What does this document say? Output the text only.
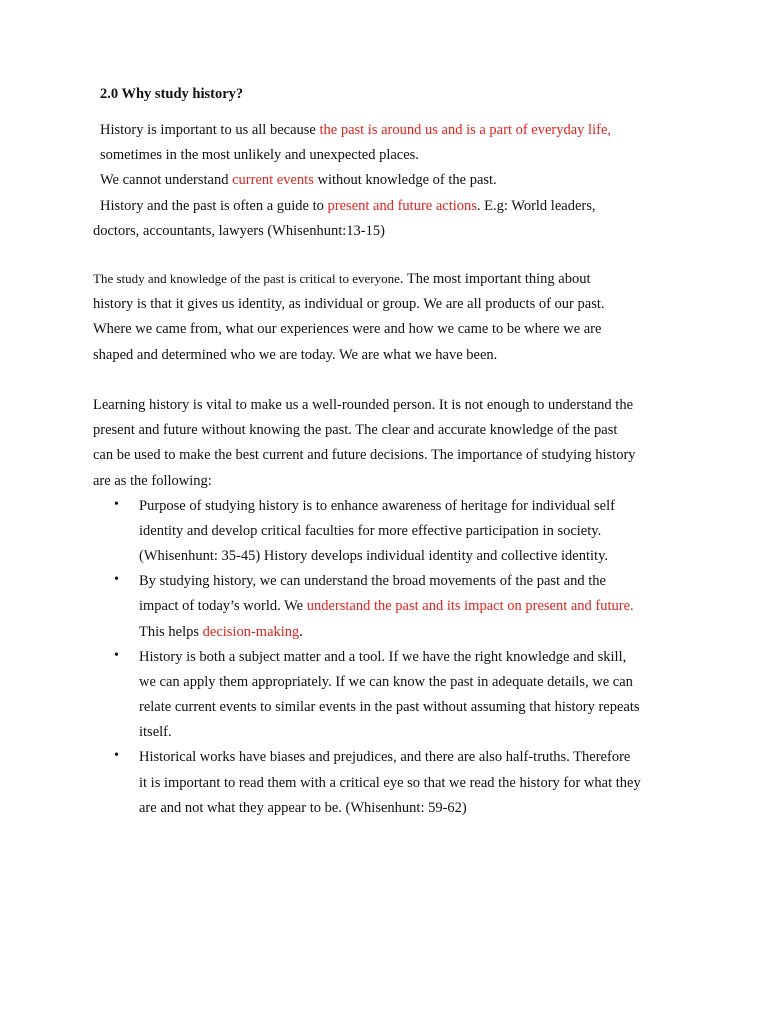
2.0 Why study history?
History is important to us all because the past is around us and is a part of everyday life,
sometimes in the most unlikely and unexpected places.
We cannot understand current events without knowledge of the past.
History and the past is often a guide to present and future actions. E.g: World leaders,
doctors, accountants, lawyers (Whisenhunt:13-15)
The study and knowledge of the past is critical to everyone. The most important thing about
history is that it gives us identity, as individual or group. We are all products of our past.
Where we came from, what our experiences were and how we came to be where we are
shaped and determined who we are today. We are what we have been.
Learning history is vital to make us a well-rounded person. It is not enough to understand the
present and future without knowing the past. The clear and accurate knowledge of the past
can be used to make the best current and future decisions. The importance of studying history
are as the following:
• Purpose of studying history is to enhance awareness of heritage for individual self
identity and develop critical faculties for more effective participation in society.
(Whisenhunt: 35-45) History develops individual identity and collective identity.
• By studying history, we can understand the broad movements of the past and the
impact of today’s world. We understand the past and its impact on present and future.
This helps decision-making.
• History is both a subject matter and a tool. If we have the right knowledge and skill,
we can apply them appropriately. If we can know the past in adequate details, we can
relate current events to similar events in the past without assuming that history repeats
itself.
• Historical works have biases and prejudices, and there are also half-truths. Therefore
it is important to read them with a critical eye so that we read the history for what they
are and not what they appear to be. (Whisenhunt: 59-62)
